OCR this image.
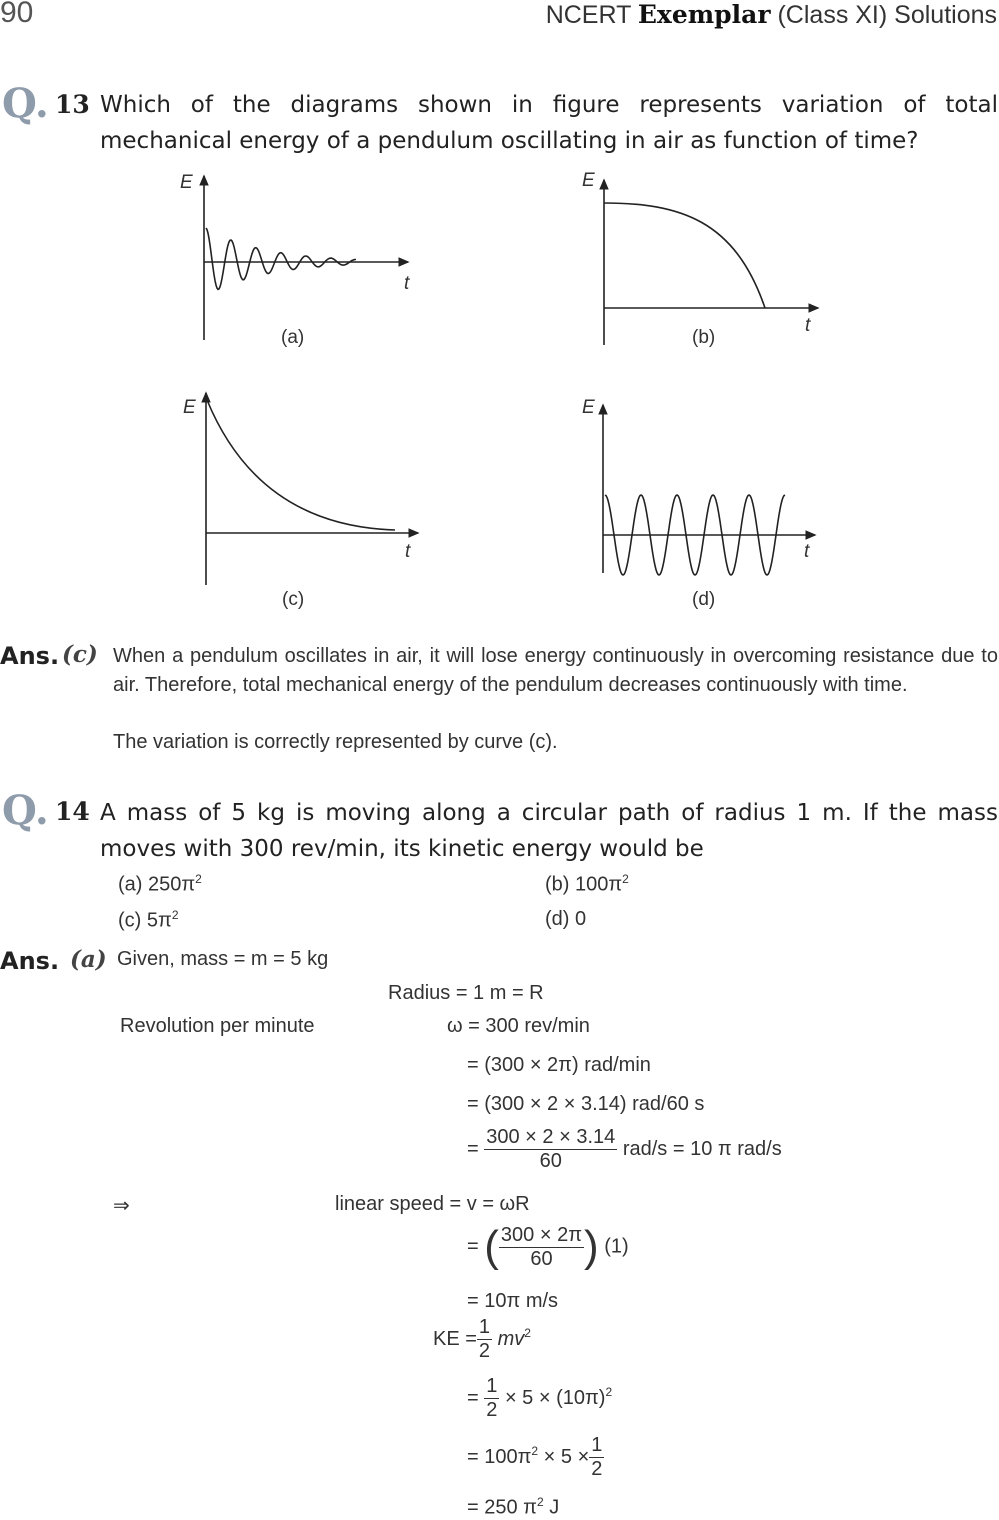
90	NCERT Exemplar (Class XI) Solutions
Q. 13 Which of the diagrams shown in figure represents variation of total mechanical energy of a pendulum oscillating in air as function of time?
E
t
(a)
E
t
(b)
E
t
(c)
E
t
(d)
Ans. (c) When a pendulum oscillates in air, it will lose energy continuously in overcoming resistance due to air. Therefore, total mechanical energy of the pendulum decreases continuously with time.
The variation is correctly represented by curve (c).
Q. 14 A mass of 5 kg is moving along a circular path of radius 1 m. If the mass moves with 300 rev/min, its kinetic energy would be
(a) $250\pi^2$	(b) $100\pi^2$
(c) $5\pi^2$	(d) 0
Ans. (a) Given, mass = m = 5 kg
Radius = 1 m = R
Revolution per minute	ω = 300 rev/min
= (300 × 2π) rad/min
= (300 × 2 × 3.14) rad/60 s
= $\frac{300 \times 2 \times 3.14}{60} rad/s = 10$ π rad/s
⇒	linear speed = v = ωR
= ( $\frac{300 \times 2\pi}{60}$ ) (1)
= 10π m/s
KE = $\frac{1}{2} mv^2$
= $\frac{1}{2} \times 5 \times (10\pi)^2$
= $100\pi^2 \times 5 \times \frac{1}{2}$
= 250 $\pi^2$ J
